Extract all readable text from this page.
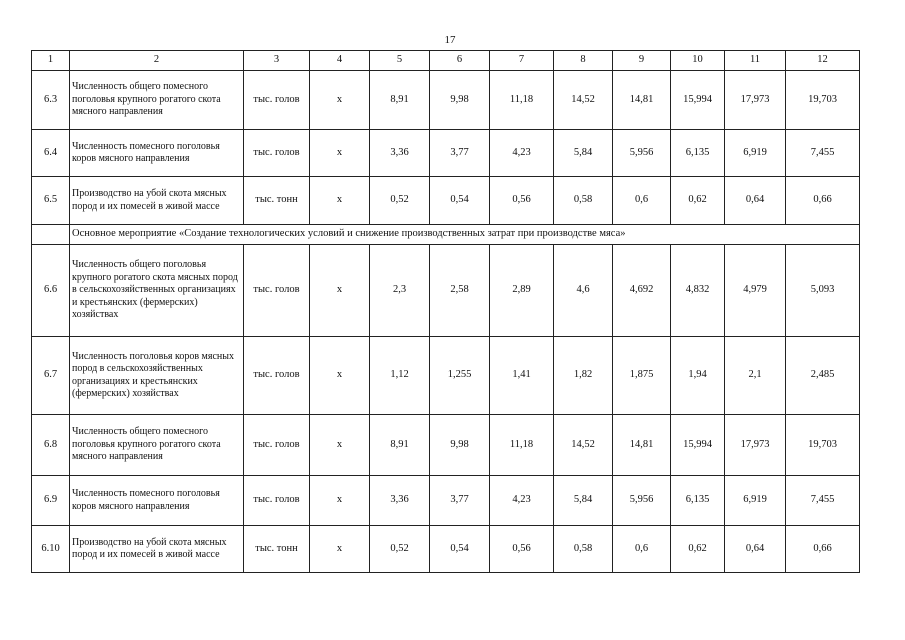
17
1	2	3	4	5	6	7	8	9	10	11	12
6.3	Численность общего помесного поголовья крупного рогатого скота мясного направления	тыс. голов	х	8,91	9,98	11,18	14,52	14,81	15,994	17,973	19,703
6.4	Численность помесного поголовья коров мясного направления	тыс. голов	х	3,36	3,77	4,23	5,84	5,956	6,135	6,919	7,455
6.5	Производство на убой скота мясных пород и их помесей в живой массе	тыс. тонн	х	0,52	0,54	0,56	0,58	0,6	0,62	0,64	0,66
	Основное мероприятие «Создание технологических условий и снижение производственных затрат при производстве мяса»										
6.6	Численность общего поголовья крупного рогатого скота мясных пород в сельскохозяйственных организациях и крестьянских (фермерских) хозяйствах	тыс. голов	х	2,3	2,58	2,89	4,6	4,692	4,832	4,979	5,093
6.7	Численность поголовья коров мясных пород в сельскохозяйственных организациях и крестьянских (фермерских) хозяйствах	тыс. голов	х	1,12	1,255	1,41	1,82	1,875	1,94	2,1	2,485
6.8	Численность общего помесного поголовья крупного рогатого скота мясного направления	тыс. голов	х	8,91	9,98	11,18	14,52	14,81	15,994	17,973	19,703
6.9	Численность помесного поголовья коров мясного направления	тыс. голов	х	3,36	3,77	4,23	5,84	5,956	6,135	6,919	7,455
6.10	Производство на убой скота мясных пород и их помесей в живой массе	тыс. тонн	х	0,52	0,54	0,56	0,58	0,6	0,62	0,64	0,66
